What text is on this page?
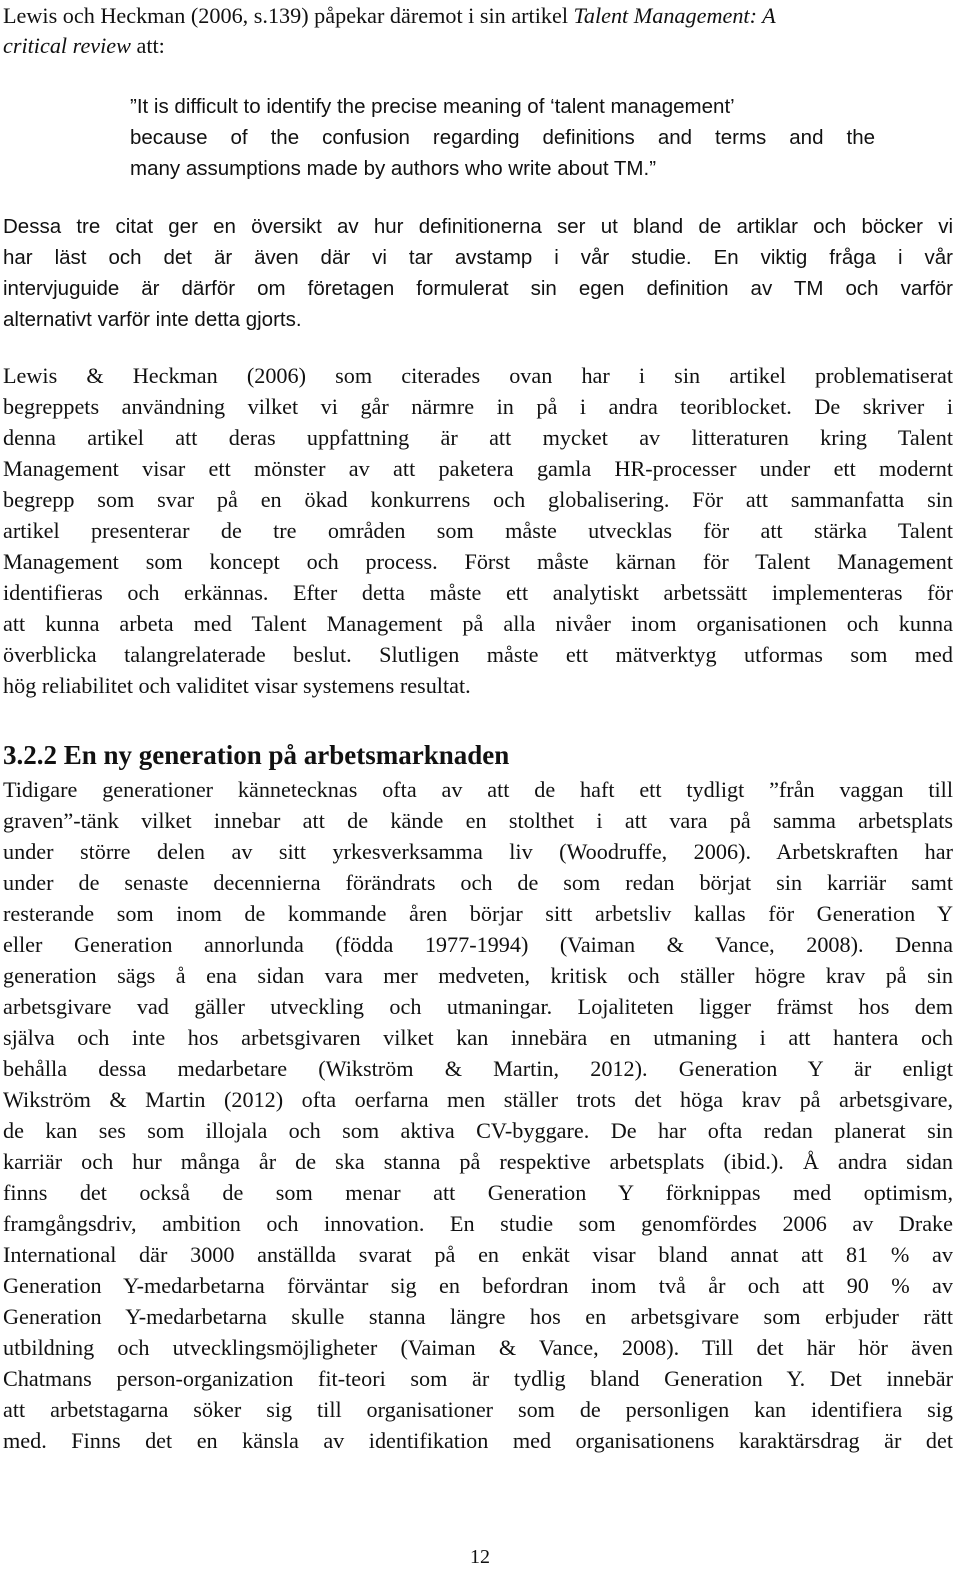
Lewis och Heckman (2006, s.139) påpekar däremot i sin artikel Talent Management: A
critical review att:
”It is difficult to identify the precise meaning of ‘talent management’
because of the confusion regarding definitions and terms and the
many assumptions made by authors who write about TM.”
Dessa tre citat ger en översikt av hur definitionerna ser ut bland de artiklar och böcker vi
har läst och det är även där vi tar avstamp i vår studie. En viktig fråga i vår
intervjuguide är därför om företagen formulerat sin egen definition av TM och varför
alternativt varför inte detta gjorts.
Lewis & Heckman (2006) som citerades ovan har i sin artikel problematiserat
begreppets användning vilket vi går närmre in på i andra teoriblocket. De skriver i
denna artikel att deras uppfattning är att mycket av litteraturen kring Talent
Management visar ett mönster av att paketera gamla HR-processer under ett modernt
begrepp som svar på en ökad konkurrens och globalisering. För att sammanfatta sin
artikel presenterar de tre områden som måste utvecklas för att stärka Talent
Management som koncept och process. Först måste kärnan för Talent Management
identifieras och erkännas. Efter detta måste ett analytiskt arbetssätt implementeras för
att kunna arbeta med Talent Management på alla nivåer inom organisationen och kunna
överblicka talangrelaterade beslut. Slutligen måste ett mätverktyg utformas som med
hög reliabilitet och validitet visar systemens resultat.
3.2.2 En ny generation på arbetsmarknaden
Tidigare generationer kännetecknas ofta av att de haft ett tydligt ”från vaggan till
graven”-tänk vilket innebar att de kände en stolthet i att vara på samma arbetsplats
under större delen av sitt yrkesverksamma liv (Woodruffe, 2006). Arbetskraften har
under de senaste decennierna förändrats och de som redan börjat sin karriär samt
resterande som inom de kommande åren börjar sitt arbetsliv kallas för Generation Y
eller Generation annorlunda (födda 1977-1994) (Vaiman & Vance, 2008). Denna
generation sägs å ena sidan vara mer medveten, kritisk och ställer högre krav på sin
arbetsgivare vad gäller utveckling och utmaningar. Lojaliteten ligger främst hos dem
själva och inte hos arbetsgivaren vilket kan innebära en utmaning i att hantera och
behålla dessa medarbetare (Wikström & Martin, 2012). Generation Y är enligt
Wikström & Martin (2012) ofta oerfarna men ställer trots det höga krav på arbetsgivare,
de kan ses som illojala och som aktiva CV-byggare. De har ofta redan planerat sin
karriär och hur många år de ska stanna på respektive arbetsplats (ibid.). Å andra sidan
finns det också de som menar att Generation Y förknippas med optimism,
framgångsdriv, ambition och innovation. En studie som genomfördes 2006 av Drake
International där 3000 anställda svarat på en enkät visar bland annat att 81 % av
Generation Y-medarbetarna förväntar sig en befordran inom två år och att 90 % av
Generation Y-medarbetarna skulle stanna längre hos en arbetsgivare som erbjuder rätt
utbildning och utvecklingsmöjligheter (Vaiman & Vance, 2008). Till det här hör även
Chatmans person-organization fit-teori som är tydlig bland Generation Y. Det innebär
att arbetstagarna söker sig till organisationer som de personligen kan identifiera sig
med. Finns det en känsla av identifikation med organisationens karaktärsdrag är det
12
